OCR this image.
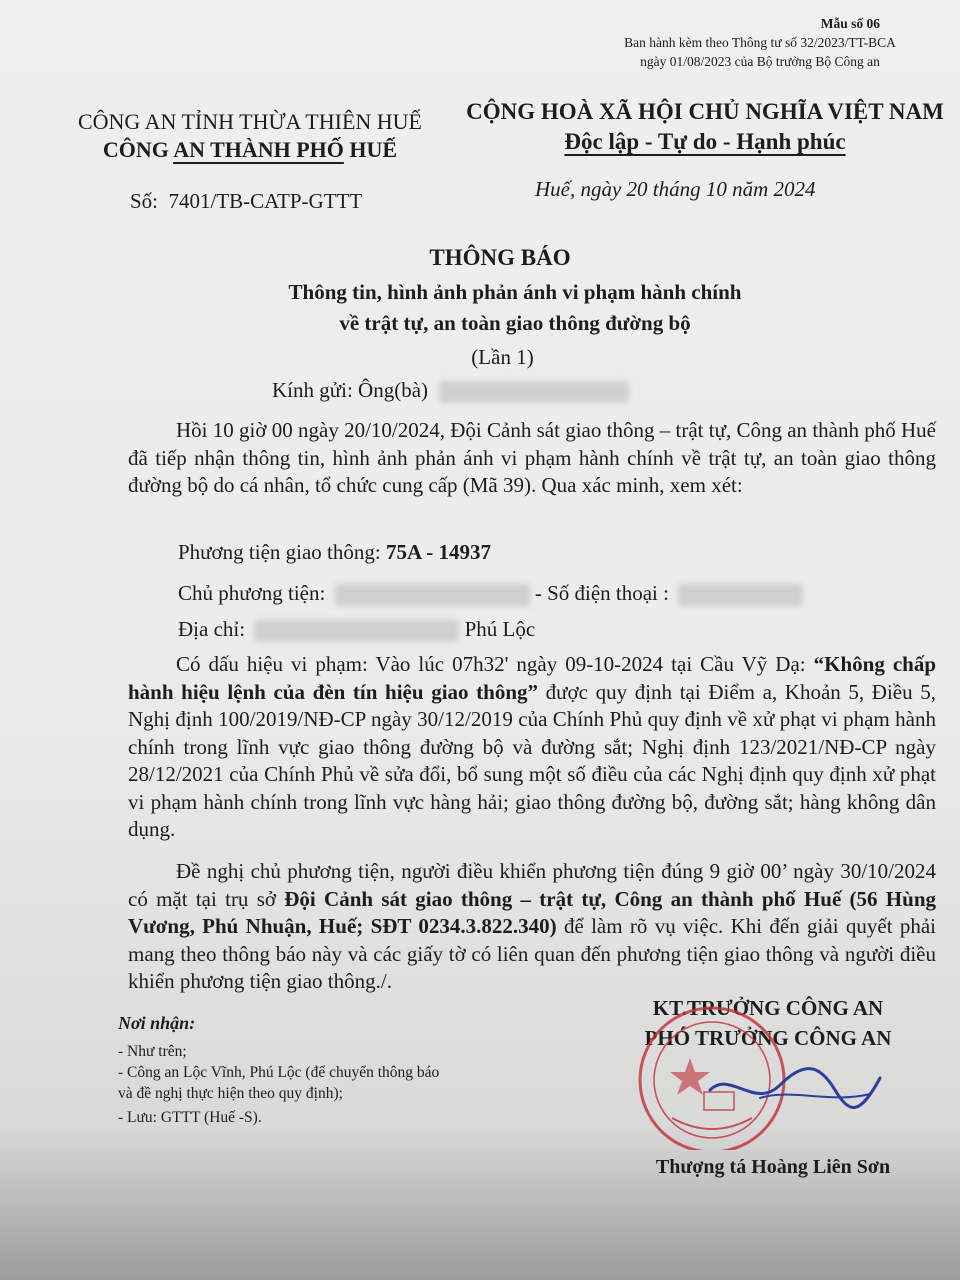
Mẫu số 06
Ban hành kèm theo Thông tư số 32/2023/TT-BCA
ngày 01/08/2023 của Bộ trưởng Bộ Công an
CÔNG AN TỈNH THỪA THIÊN HUẾ
CÔNG AN THÀNH PHỐ HUẾ
CỘNG HOÀ XÃ HỘI CHỦ NGHĨA VIỆT NAM
Độc lập - Tự do - Hạnh phúc
Số: 7401/TB-CATP-GTTT	Huế, ngày 20 tháng 10 năm 2024
THÔNG BÁO
Thông tin, hình ảnh phản ánh vi phạm hành chính
về trật tự, an toàn giao thông đường bộ
(Lần 1)
Kính gửi: Ông(bà)
Hồi 10 giờ 00 ngày 20/10/2024, Đội Cảnh sát giao thông – trật tự, Công an thành phố Huế đã tiếp nhận thông tin, hình ảnh phản ánh vi phạm hành chính về trật tự, an toàn giao thông đường bộ do cá nhân, tổ chức cung cấp (Mã 39). Qua xác minh, xem xét:
Phương tiện giao thông: 75A - 14937
Chủ phương tiện:	- Số điện thoại :
Địa chỉ:	Phú Lộc
Có dấu hiệu vi phạm: Vào lúc 07h32' ngày 09-10-2024 tại Cầu Vỹ Dạ: “Không chấp hành hiệu lệnh của đèn tín hiệu giao thông” được quy định tại Điểm a, Khoản 5, Điều 5, Nghị định 100/2019/NĐ-CP ngày 30/12/2019 của Chính Phủ quy định về xử phạt vi phạm hành chính trong lĩnh vực giao thông đường bộ và đường sắt; Nghị định 123/2021/NĐ-CP ngày 28/12/2021 của Chính Phủ về sửa đổi, bổ sung một số điều của các Nghị định quy định xử phạt vi phạm hành chính trong lĩnh vực hàng hải; giao thông đường bộ, đường sắt; hàng không dân dụng.
Đề nghị chủ phương tiện, người điều khiển phương tiện đúng 9 giờ 00’ ngày 30/10/2024 có mặt tại trụ sở Đội Cảnh sát giao thông – trật tự, Công an thành phố Huế (56 Hùng Vương, Phú Nhuận, Huế; SĐT 0234.3.822.340) để làm rõ vụ việc. Khi đến giải quyết phải mang theo thông báo này và các giấy tờ có liên quan đến phương tiện giao thông và người điều khiển phương tiện giao thông./.
KT.TRƯỞNG CÔNG AN
PHÓ TRƯỞNG CÔNG AN
Thượng tá Hoàng Liên Sơn
Nơi nhận:
- Như trên;
- Công an Lộc Vĩnh, Phú Lộc (để chuyển thông báo
và đề nghị thực hiện theo quy định);
- Lưu: GTTT (Huế -S).
